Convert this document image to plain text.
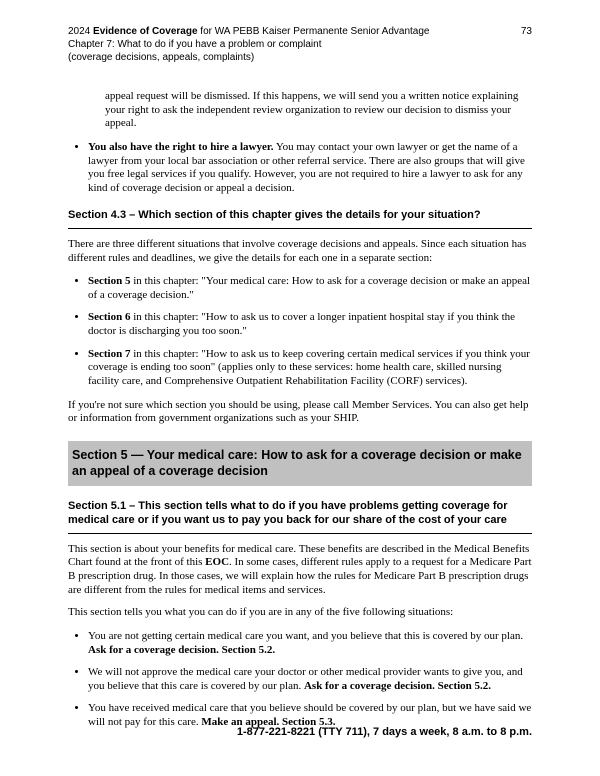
2024 Evidence of Coverage for WA PEBB Kaiser Permanente Senior Advantage	73
Chapter 7: What to do if you have a problem or complaint
(coverage decisions, appeals, complaints)

appeal request will be dismissed. If this happens, we will send you a written notice explaining your right to ask the independent review organization to review our decision to dismiss your appeal.

• You also have the right to hire a lawyer. You may contact your own lawyer or get the name of a lawyer from your local bar association or other referral service. There are also groups that will give you free legal services if you qualify. However, you are not required to hire a lawyer to ask for any kind of coverage decision or appeal a decision.
Section 4.3 – Which section of this chapter gives the details for your situation?

There are three different situations that involve coverage decisions and appeals. Since each situation has different rules and deadlines, we give the details for each one in a separate section:

• Section 5 in this chapter: "Your medical care: How to ask for a coverage decision or make an appeal of a coverage decision."
• Section 6 in this chapter: "How to ask us to cover a longer inpatient hospital stay if you think the doctor is discharging you too soon."
• Section 7 in this chapter: "How to ask us to keep covering certain medical services if you think your coverage is ending too soon" (applies only to these services: home health care, skilled nursing facility care, and Comprehensive Outpatient Rehabilitation Facility (CORF) services).

If you're not sure which section you should be using, please call Member Services. You can also get help or information from government organizations such as your SHIP.

Section 5 — Your medical care: How to ask for a coverage decision or make an appeal of a coverage decision
Section 5.1 – This section tells what to do if you have problems getting coverage for medical care or if you want us to pay you back for our share of the cost of your care

This section is about your benefits for medical care. These benefits are described in the Medical Benefits Chart found at the front of this EOC. In some cases, different rules apply to a request for a Medicare Part B prescription drug. In those cases, we will explain how the rules for Medicare Part B prescription drugs are different from the rules for medical items and services.

This section tells you what you can do if you are in any of the five following situations:

• You are not getting certain medical care you want, and you believe that this is covered by our plan. Ask for a coverage decision. Section 5.2.
• We will not approve the medical care your doctor or other medical provider wants to give you, and you believe that this care is covered by our plan. Ask for a coverage decision. Section 5.2.
• You have received medical care that you believe should be covered by our plan, but we have said we will not pay for this care. Make an appeal. Section 5.3.
1-877-221-8221 (TTY 711), 7 days a week, 8 a.m. to 8 p.m.
